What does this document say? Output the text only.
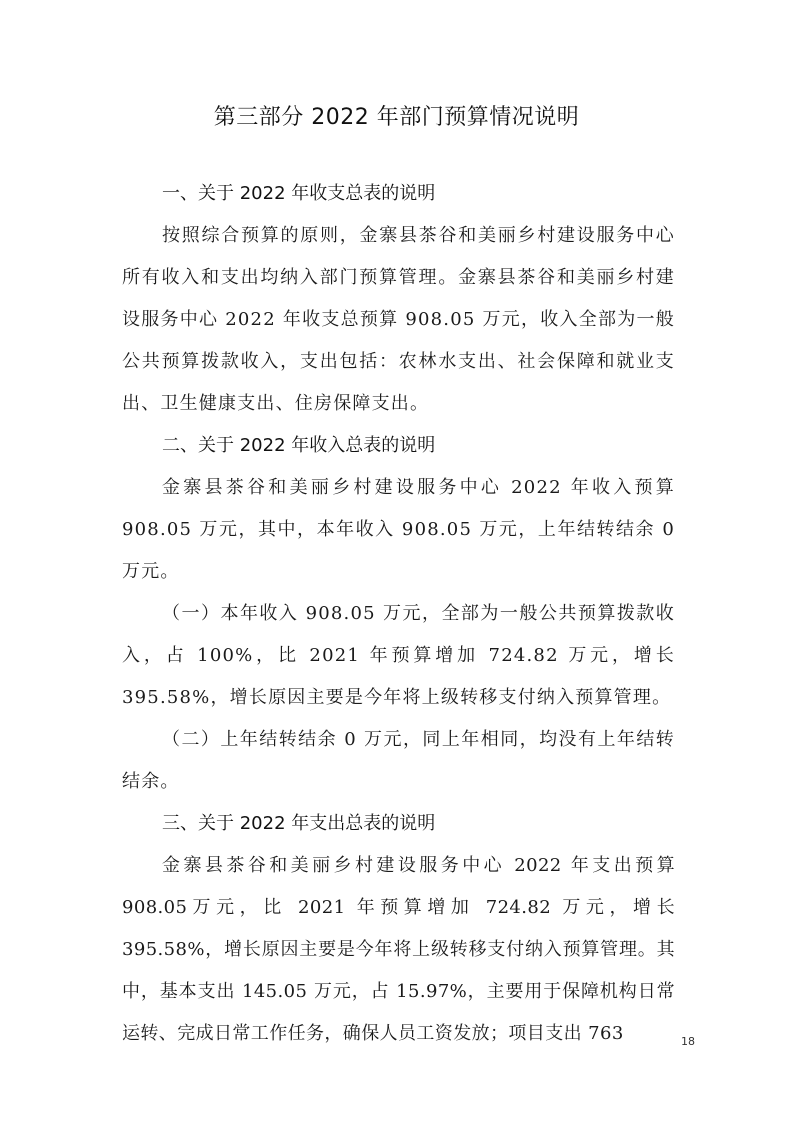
第三部分 2022 年部门预算情况说明
一、关于 2022 年收支总表的说明

按照综合预算的原则，金寨县茶谷和美丽乡村建设服务中心所有收入和支出均纳入部门预算管理。金寨县茶谷和美丽乡村建设服务中心 2022 年收支总预算 908.05 万元，收入全部为一般公共预算拨款收入，支出包括：农林水支出、社会保障和就业支出、卫生健康支出、住房保障支出。

二、关于 2022 年收入总表的说明

金寨县茶谷和美丽乡村建设服务中心 2022 年收入预算 908.05 万元，其中，本年收入 908.05 万元，上年结转结余 0 万元。

（一）本年收入 908.05 万元，全部为一般公共预算拨款收入，占 100%，比 2021 年预算增加 724.82 万元，增长 395.58%，增长原因主要是今年将上级转移支付纳入预算管理。

（二）上年结转结余 0 万元，同上年相同，均没有上年结转结余。

三、关于 2022 年支出总表的说明

金寨县茶谷和美丽乡村建设服务中心 2022 年支出预算 908.05万元，比 2021 年预算增加 724.82 万元，增长 395.58%，增长原因主要是今年将上级转移支付纳入预算管理。其中，基本支出 145.05 万元，占 15.97%，主要用于保障机构日常运转、完成日常工作任务，确保人员工资发放；项目支出 763	18
